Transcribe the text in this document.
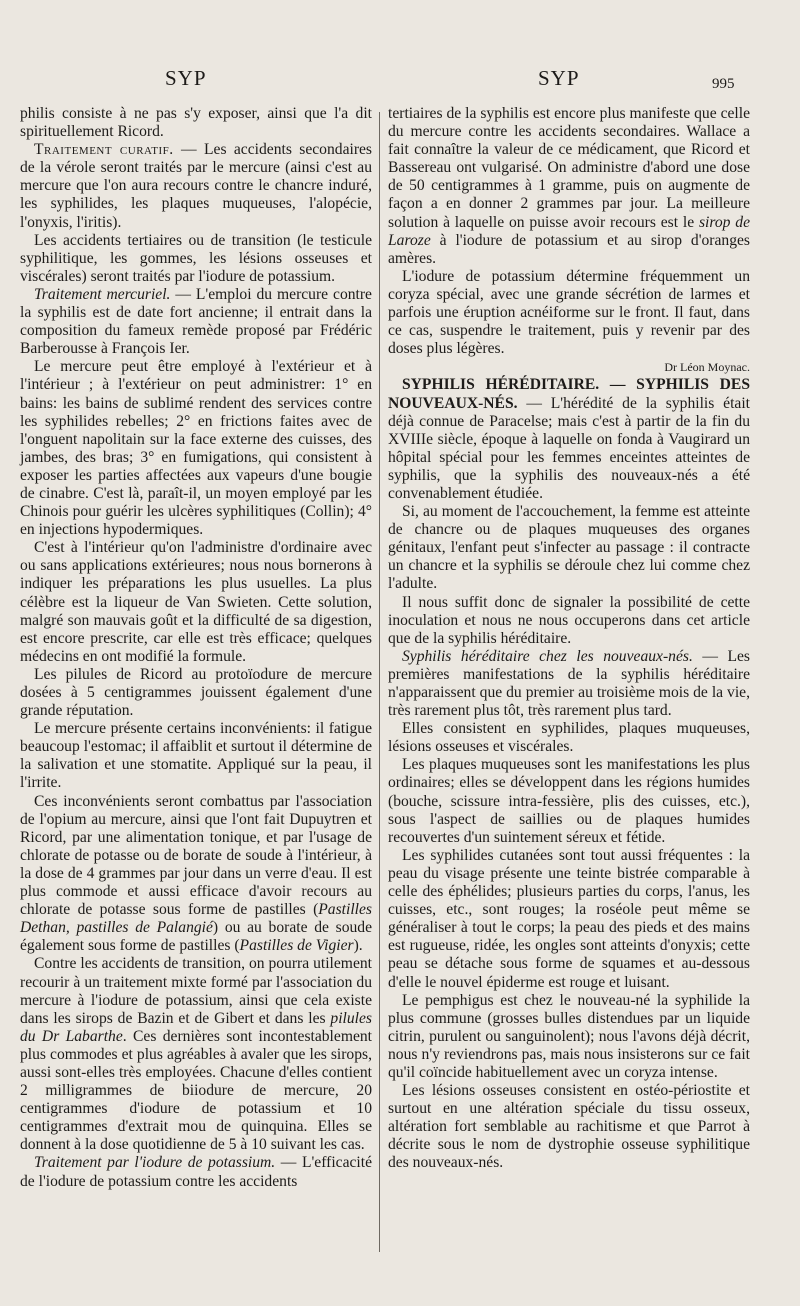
SYP	SYP	995

philis consiste à ne pas s'y exposer, ainsi que l'a dit spirituellement Ricord.

Traitement curatif. — Les accidents secondaires de la vérole seront traités par le mercure (ainsi c'est au mercure que l'on aura recours contre le chancre induré, les syphilides, les plaques muqueuses, l'alopécie, l'onyxis, l'iritis).

Les accidents tertiaires ou de transition (le testicule syphilitique, les gommes, les lésions osseuses et viscérales) seront traités par l'iodure de potassium.

Traitement mercuriel. — L'emploi du mercure contre la syphilis est de date fort ancienne; il entrait dans la composition du fameux remède proposé par Frédéric Barberousse à François Ier.

Le mercure peut être employé à l'extérieur et à l'intérieur ; à l'extérieur on peut administrer: 1° en bains: les bains de sublimé rendent des services contre les syphilides rebelles; 2° en frictions faites avec de l'onguent napolitain sur la face externe des cuisses, des jambes, des bras; 3° en fumigations, qui consistent à exposer les parties affectées aux vapeurs d'une bougie de cinabre. C'est là, paraît-il, un moyen employé par les Chinois pour guérir les ulcères syphilitiques (Collin); 4° en injections hypodermiques.

C'est à l'intérieur qu'on l'administre d'ordinaire avec ou sans applications extérieures; nous nous bornerons à indiquer les préparations les plus usuelles. La plus célèbre est la liqueur de Van Swieten. Cette solution, malgré son mauvais goût et la difficulté de sa digestion, est encore prescrite, car elle est très efficace; quelques médecins en ont modifié la formule.

Les pilules de Ricord au protoïodure de mercure dosées à 5 centigrammes jouissent également d'une grande réputation.

Le mercure présente certains inconvénients: il fatigue beaucoup l'estomac; il affaiblit et surtout il détermine de la salivation et une stomatite. Appliqué sur la peau, il l'irrite.

Ces inconvénients seront combattus par l'association de l'opium au mercure, ainsi que l'ont fait Dupuytren et Ricord, par une alimentation tonique, et par l'usage de chlorate de potasse ou de borate de soude à l'intérieur, à la dose de 4 grammes par jour dans un verre d'eau. Il est plus commode et aussi efficace d'avoir recours au chlorate de potasse sous forme de pastilles (Pastilles Dethan, pastilles de Palangié) ou au borate de soude également sous forme de pastilles (Pastilles de Vigier).

Contre les accidents de transition, on pourra utilement recourir à un traitement mixte formé par l'association du mercure à l'iodure de potassium, ainsi que cela existe dans les sirops de Bazin et de Gibert et dans les pilules du Dr Labarthe. Ces dernières sont incontestablement plus commodes et plus agréables à avaler que les sirops, aussi sont-elles très employées. Chacune d'elles contient 2 milligrammes de biiodure de mercure, 20 centigrammes d'iodure de potassium et 10 centigrammes d'extrait mou de quinquina. Elles se donnent à la dose quotidienne de 5 à 10 suivant les cas.

Traitement par l'iodure de potassium. — L'efficacité de l'iodure de potassium contre les accidents

tertiaires de la syphilis est encore plus manifeste que celle du mercure contre les accidents secondaires. Wallace a fait connaître la valeur de ce médicament, que Ricord et Bassereau ont vulgarisé. On administre d'abord une dose de 50 centigrammes à 1 gramme, puis on augmente de façon a en donner 2 grammes par jour. La meilleure solution à laquelle on puisse avoir recours est le sirop de Laroze à l'iodure de potassium et au sirop d'oranges amères.

L'iodure de potassium détermine fréquemment un coryza spécial, avec une grande sécrétion de larmes et parfois une éruption acnéiforme sur le front. Il faut, dans ce cas, suspendre le traitement, puis y revenir par des doses plus légères.

Dr Léon Moynac.

SYPHILIS HÉRÉDITAIRE. — SYPHILIS DES NOUVEAUX-NÉS. — L'hérédité de la syphilis était déjà connue de Paracelse; mais c'est à partir de la fin du XVIIIe siècle, époque à laquelle on fonda à Vaugirard un hôpital spécial pour les femmes enceintes atteintes de syphilis, que la syphilis des nouveaux-nés a été convenablement étudiée.

Si, au moment de l'accouchement, la femme est atteinte de chancre ou de plaques muqueuses des organes génitaux, l'enfant peut s'infecter au passage : il contracte un chancre et la syphilis se déroule chez lui comme chez l'adulte.

Il nous suffit donc de signaler la possibilité de cette inoculation et nous ne nous occuperons dans cet article que de la syphilis héréditaire.

Syphilis héréditaire chez les nouveaux-nés. — Les premières manifestations de la syphilis héréditaire n'apparaissent que du premier au troisième mois de la vie, très rarement plus tôt, très rarement plus tard.

Elles consistent en syphilides, plaques muqueuses, lésions osseuses et viscérales.

Les plaques muqueuses sont les manifestations les plus ordinaires; elles se développent dans les régions humides (bouche, scissure intra-fessière, plis des cuisses, etc.), sous l'aspect de saillies ou de plaques humides recouvertes d'un suintement séreux et fétide.

Les syphilides cutanées sont tout aussi fréquentes : la peau du visage présente une teinte bistrée comparable à celle des éphélides; plusieurs parties du corps, l'anus, les cuisses, etc., sont rouges; la roséole peut même se généraliser à tout le corps; la peau des pieds et des mains est rugueuse, ridée, les ongles sont atteints d'onyxis; cette peau se détache sous forme de squames et au-dessous d'elle le nouvel épiderme est rouge et luisant.

Le pemphigus est chez le nouveau-né la syphilide la plus commune (grosses bulles distendues par un liquide citrin, purulent ou sanguinolent); nous l'avons déjà décrit, nous n'y reviendrons pas, mais nous insisterons sur ce fait qu'il coïncide habituellement avec un coryza intense.

Les lésions osseuses consistent en ostéo-périostite et surtout en une altération spéciale du tissu osseux, altération fort semblable au rachitisme et que Parrot à décrite sous le nom de dystrophie osseuse syphilitique des nouveaux-nés.
